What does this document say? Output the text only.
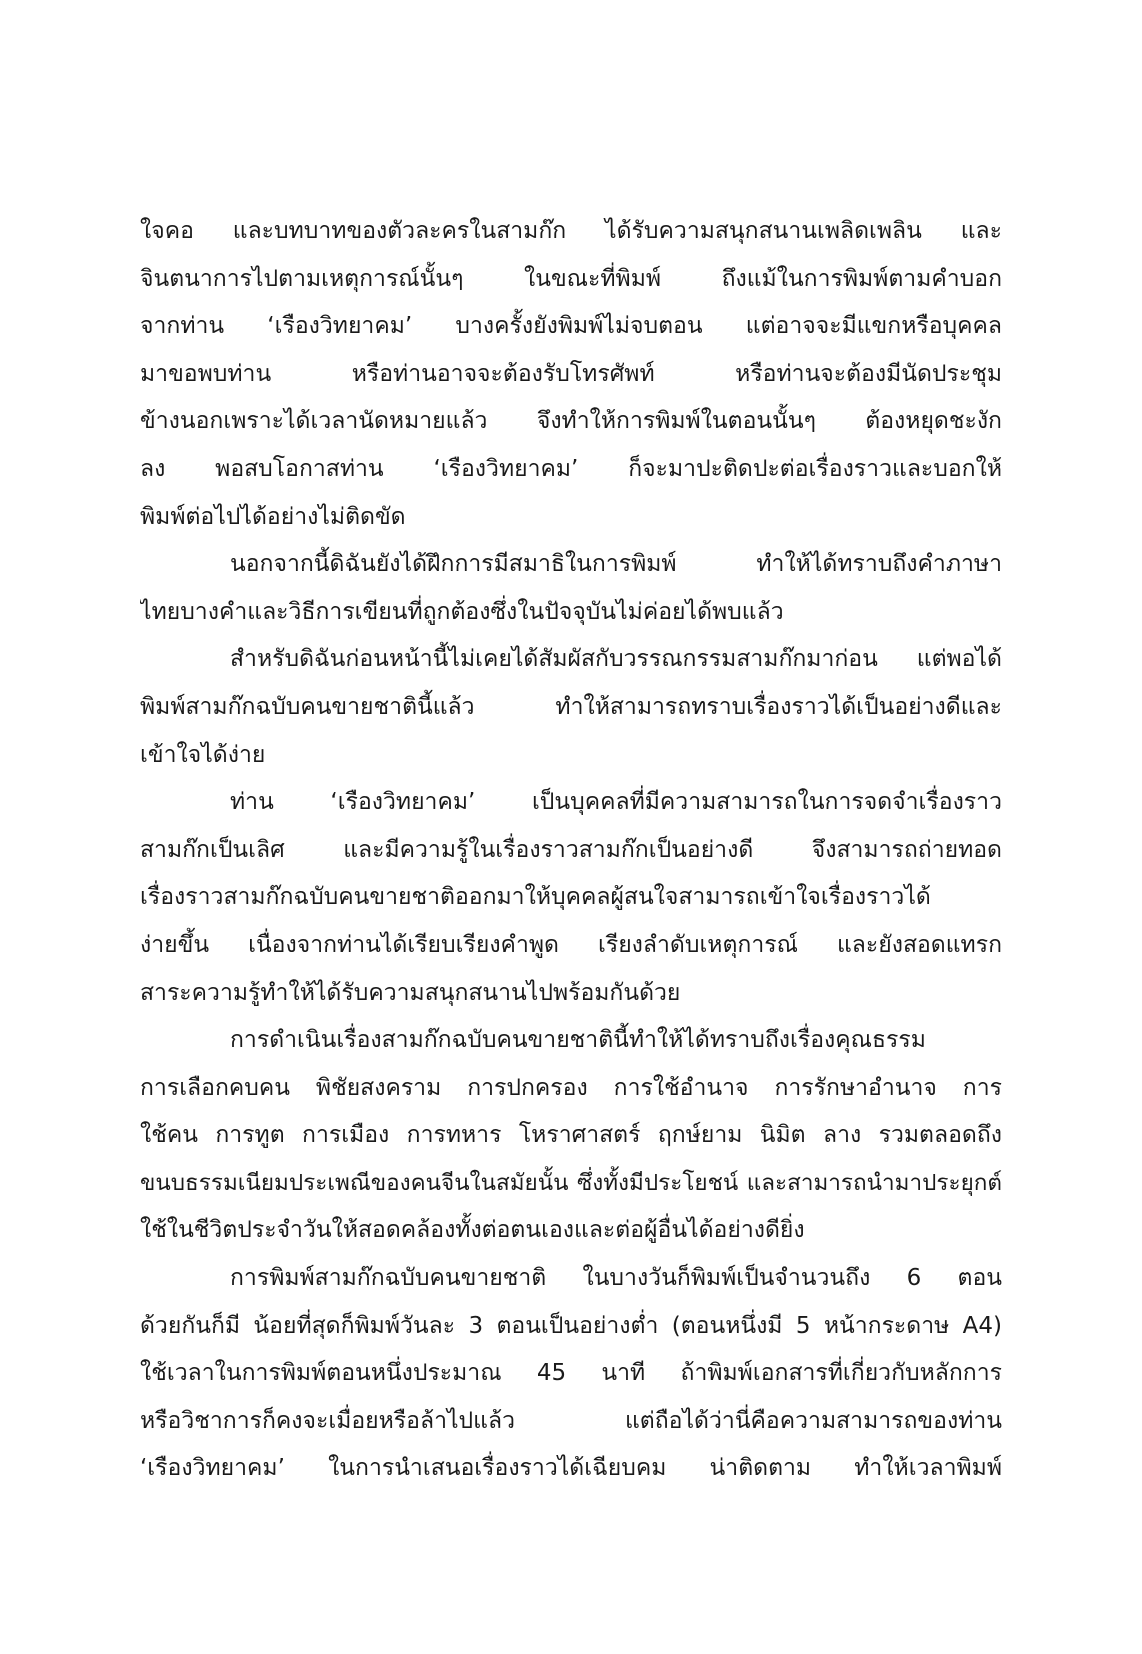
ใจคอ และบทบาทของตัวละครในสามก๊ก ได้รับความสนุกสนานเพลิดเพลิน และ
จินตนาการไปตามเหตุการณ์นั้นๆ ในขณะที่พิมพ์ ถึงแม้ในการพิมพ์ตามคำบอก
จากท่าน ‘เรืองวิทยาคม’ บางครั้งยังพิมพ์ไม่จบตอน แต่อาจจะมีแขกหรือบุคคล
มาขอพบท่าน หรือท่านอาจจะต้องรับโทรศัพท์ หรือท่านจะต้องมีนัดประชุม
ข้างนอกเพราะได้เวลานัดหมายแล้ว จึงทำให้การพิมพ์ในตอนนั้นๆ ต้องหยุดชะงัก
ลง พอสบโอกาสท่าน ‘เรืองวิทยาคม’ ก็จะมาปะติดปะต่อเรื่องราวและบอกให้
พิมพ์ต่อไปได้อย่างไม่ติดขัด
นอกจากนี้ดิฉันยังได้ฝึกการมีสมาธิในการพิมพ์ ทำให้ได้ทราบถึงคำภาษา
ไทยบางคำและวิธีการเขียนที่ถูกต้องซึ่งในปัจจุบันไม่ค่อยได้พบแล้ว
สำหรับดิฉันก่อนหน้านี้ไม่เคยได้สัมผัสกับวรรณกรรมสามก๊กมาก่อน แต่พอได้
พิมพ์สามก๊กฉบับคนขายชาตินี้แล้ว ทำให้สามารถทราบเรื่องราวได้เป็นอย่างดีและ
เข้าใจได้ง่าย
ท่าน ‘เรืองวิทยาคม’ เป็นบุคคลที่มีความสามารถในการจดจำเรื่องราว
สามก๊กเป็นเลิศ และมีความรู้ในเรื่องราวสามก๊กเป็นอย่างดี จึงสามารถถ่ายทอด
เรื่องราวสามก๊กฉบับคนขายชาติออกมาให้บุคคลผู้สนใจสามารถเข้าใจเรื่องราวได้
ง่ายขึ้น เนื่องจากท่านได้เรียบเรียงคำพูด เรียงลำดับเหตุการณ์ และยังสอดแทรก
สาระความรู้ทำให้ได้รับความสนุกสนานไปพร้อมกันด้วย
การดำเนินเรื่องสามก๊กฉบับคนขายชาตินี้ทำให้ได้ทราบถึงเรื่องคุณธรรม
การเลือกคบคน พิชัยสงคราม การปกครอง การใช้อำนาจ การรักษาอำนาจ การ
ใช้คน การทูต การเมือง การทหาร โหราศาสตร์ ฤกษ์ยาม นิมิต ลาง รวมตลอดถึง
ขนบธรรมเนียมประเพณีของคนจีนในสมัยนั้น ซึ่งทั้งมีประโยชน์ และสามารถนำมาประยุกต์
ใช้ในชีวิตประจำวันให้สอดคล้องทั้งต่อตนเองและต่อผู้อื่นได้อย่างดียิ่ง
การพิมพ์สามก๊กฉบับคนขายชาติ ในบางวันก็พิมพ์เป็นจำนวนถึง 6 ตอน
ด้วยกันก็มี น้อยที่สุดก็พิมพ์วันละ 3 ตอนเป็นอย่างต่ำ (ตอนหนึ่งมี 5 หน้ากระดาษ A4)
ใช้เวลาในการพิมพ์ตอนหนึ่งประมาณ 45 นาที ถ้าพิมพ์เอกสารที่เกี่ยวกับหลักการ
หรือวิชาการก็คงจะเมื่อยหรือล้าไปแล้ว แต่ถือได้ว่านี่คือความสามารถของท่าน
‘เรืองวิทยาคม’ ในการนำเสนอเรื่องราวได้เฉียบคม น่าติดตาม ทำให้เวลาพิมพ์
